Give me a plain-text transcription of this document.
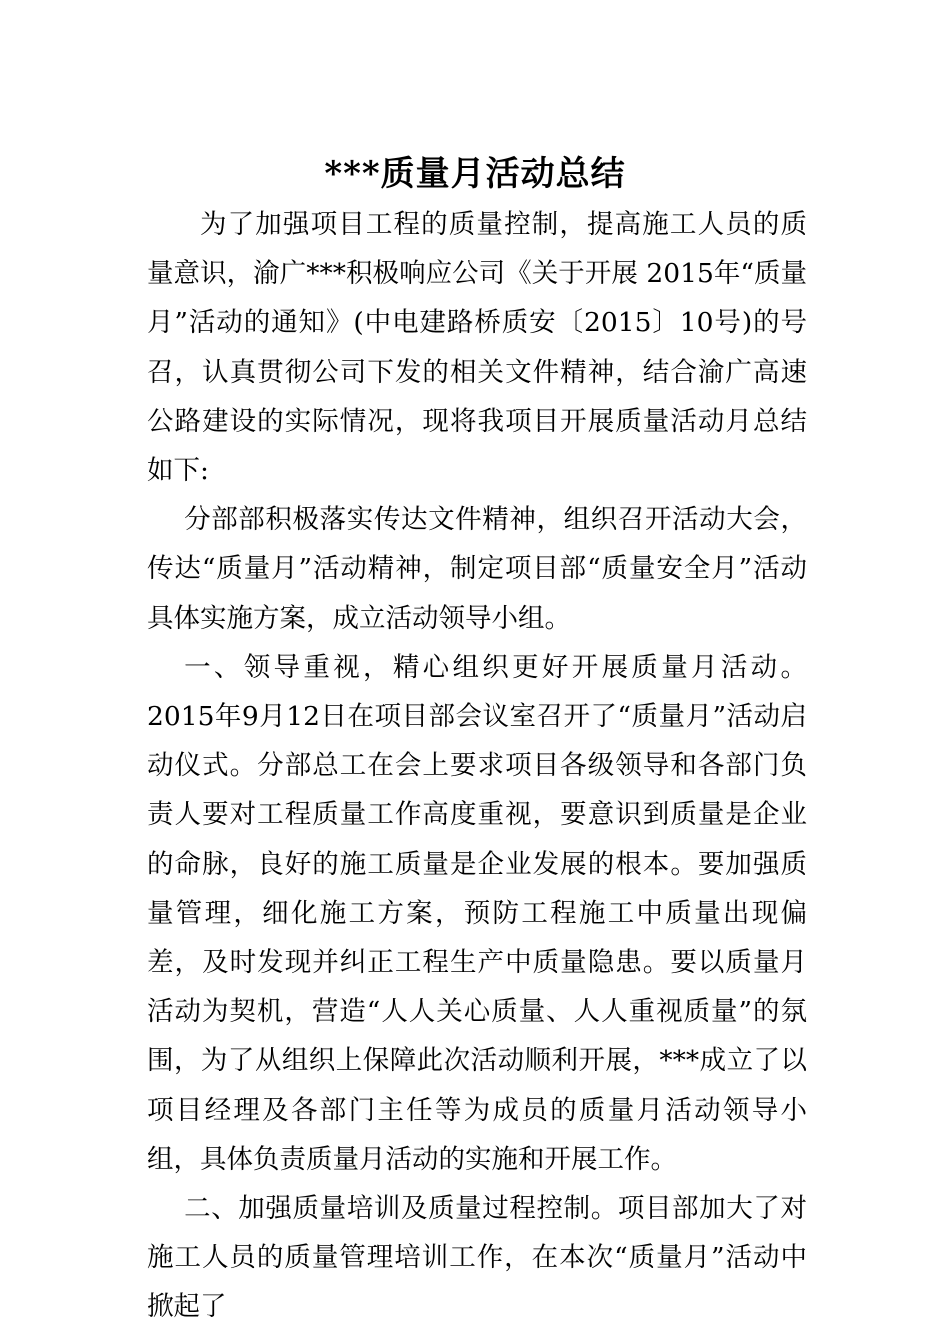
***质量月活动总结

为了加强项目工程的质量控制，提高施工人员的质量意识，渝广***积极响应公司《关于开展 2015年“质量月”活动的通知》(中电建路桥质安〔2015〕10号)的号召，认真贯彻公司下发的相关文件精神，结合渝广高速公路建设的实际情况，现将我项目开展质量活动月总结如下:

分部部积极落实传达文件精神，组织召开活动大会，传达“质量月”活动精神，制定项目部“质量安全月”活动具体实施方案，成立活动领导小组。

一、领导重视，精心组织更好开展质量月活动。2015年9月12日在项目部会议室召开了“质量月”活动启动仪式。分部总工在会上要求项目各级领导和各部门负责人要对工程质量工作高度重视，要意识到质量是企业的命脉，良好的施工质量是企业发展的根本。要加强质量管理，细化施工方案，预防工程施工中质量出现偏差，及时发现并纠正工程生产中质量隐患。要以质量月活动为契机，营造“人人关心质量、人人重视质量”的氛围，为了从组织上保障此次活动顺利开展，***成立了以项目经理及各部门主任等为成员的质量月活动领导小组，具体负责质量月活动的实施和开展工作。

二、加强质量培训及质量过程控制。项目部加大了对施工人员的质量管理培训工作，在本次“质量月”活动中掀起了
